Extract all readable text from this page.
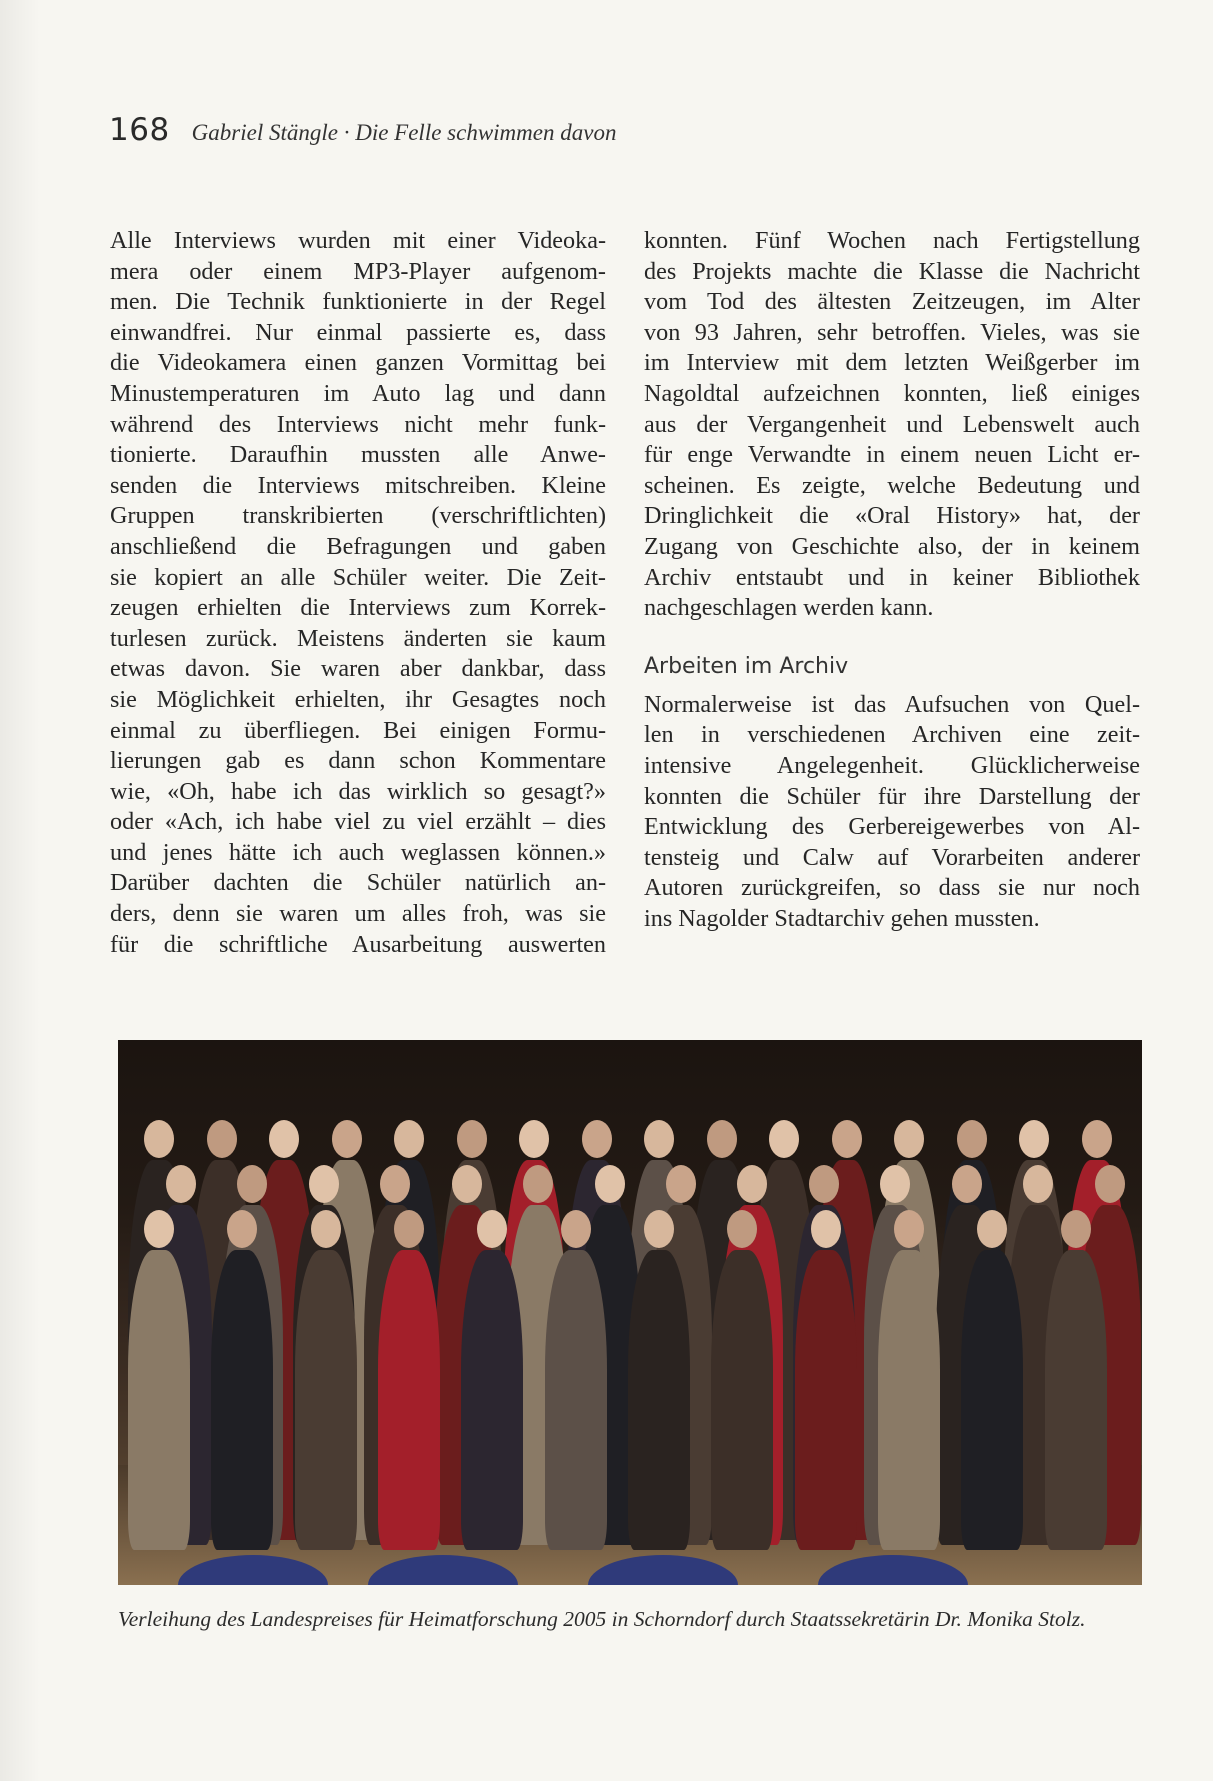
168 Gabriel Stängle · Die Felle schwimmen davon
Alle Interviews wurden mit einer Videoka-
mera oder einem MP3-Player aufgenom-
men. Die Technik funktionierte in der Regel
einwandfrei. Nur einmal passierte es, dass
die Videokamera einen ganzen Vormittag bei
Minustemperaturen im Auto lag und dann
während des Interviews nicht mehr funk-
tionierte. Daraufhin mussten alle Anwe-
senden die Interviews mitschreiben. Kleine
Gruppen transkribierten (verschriftlichten)
anschließend die Befragungen und gaben
sie kopiert an alle Schüler weiter. Die Zeit-
zeugen erhielten die Interviews zum Korrek-
turlesen zurück. Meistens änderten sie kaum
etwas davon. Sie waren aber dankbar, dass
sie Möglichkeit erhielten, ihr Gesagtes noch
einmal zu überfliegen. Bei einigen Formu-
lierungen gab es dann schon Kommentare
wie, «Oh, habe ich das wirklich so gesagt?»
oder «Ach, ich habe viel zu viel erzählt – dies
und jenes hätte ich auch weglassen können.»
Darüber dachten die Schüler natürlich an-
ders, denn sie waren um alles froh, was sie
für die schriftliche Ausarbeitung auswerten
konnten. Fünf Wochen nach Fertigstellung
des Projekts machte die Klasse die Nachricht
vom Tod des ältesten Zeitzeugen, im Alter
von 93 Jahren, sehr betroffen. Vieles, was sie
im Interview mit dem letzten Weißgerber im
Nagoldtal aufzeichnen konnten, ließ einiges
aus der Vergangenheit und Lebenswelt auch
für enge Verwandte in einem neuen Licht er-
scheinen. Es zeigte, welche Bedeutung und
Dringlichkeit die «Oral History» hat, der
Zugang von Geschichte also, der in keinem
Archiv entstaubt und in keiner Bibliothek
nachgeschlagen werden kann.
Arbeiten im Archiv
Normalerweise ist das Aufsuchen von Quel-
len in verschiedenen Archiven eine zeit-
intensive Angelegenheit. Glücklicherweise
konnten die Schüler für ihre Darstellung der
Entwicklung des Gerbereigewerbes von Al-
tensteig und Calw auf Vorarbeiten anderer
Autoren zurückgreifen, so dass sie nur noch
ins Nagolder Stadtarchiv gehen mussten.
Verleihung des Landespreises für Heimatforschung 2005 in Schorndorf durch Staatssekretärin Dr. Monika Stolz.
